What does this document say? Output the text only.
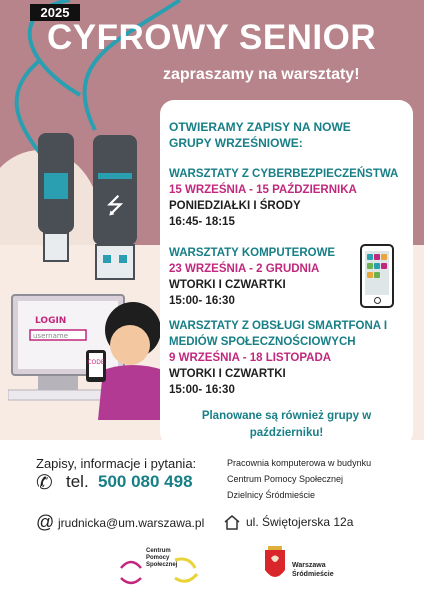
2025
CYFROWY SENIOR
zapraszamy na warsztaty!
⭍
CODE
LOGIN
username
OTWIERAMY ZAPISY NA NOWE
GRUPY WRZEŚNIOWE:
WARSZTATY Z CYBERBEZPIECZEŃSTWA
15 WRZEŚNIA - 15 PAŹDZIERNIKA
PONIEDZIAŁKI I ŚRODY
16:45- 18:15
WARSZTATY KOMPUTEROWE
23 WRZEŚNIA - 2 GRUDNIA
WTORKI I CZWARTKI
15:00- 16:30
WARSZTATY Z OBSŁUGI SMARTFONA I
MEDIÓW SPOŁECZNOŚCIOWYCH
9 WRZEŚNIA - 18 LISTOPADA
WTORKI I CZWARTKI
15:00- 16:30
Planowane są również grupy w
październiku!
Zapisy, informacje i pytania:
✆ tel. 500 080 498
@ jrudnicka@um.warszawa.pl
Pracownia komputerowa w budynku
Centrum Pomocy Społecznej
Dzielnicy Śródmieście
ul. Świętojerska 12a
Centrum
Pomocy
Społecznej	Warszawa
Śródmieście
